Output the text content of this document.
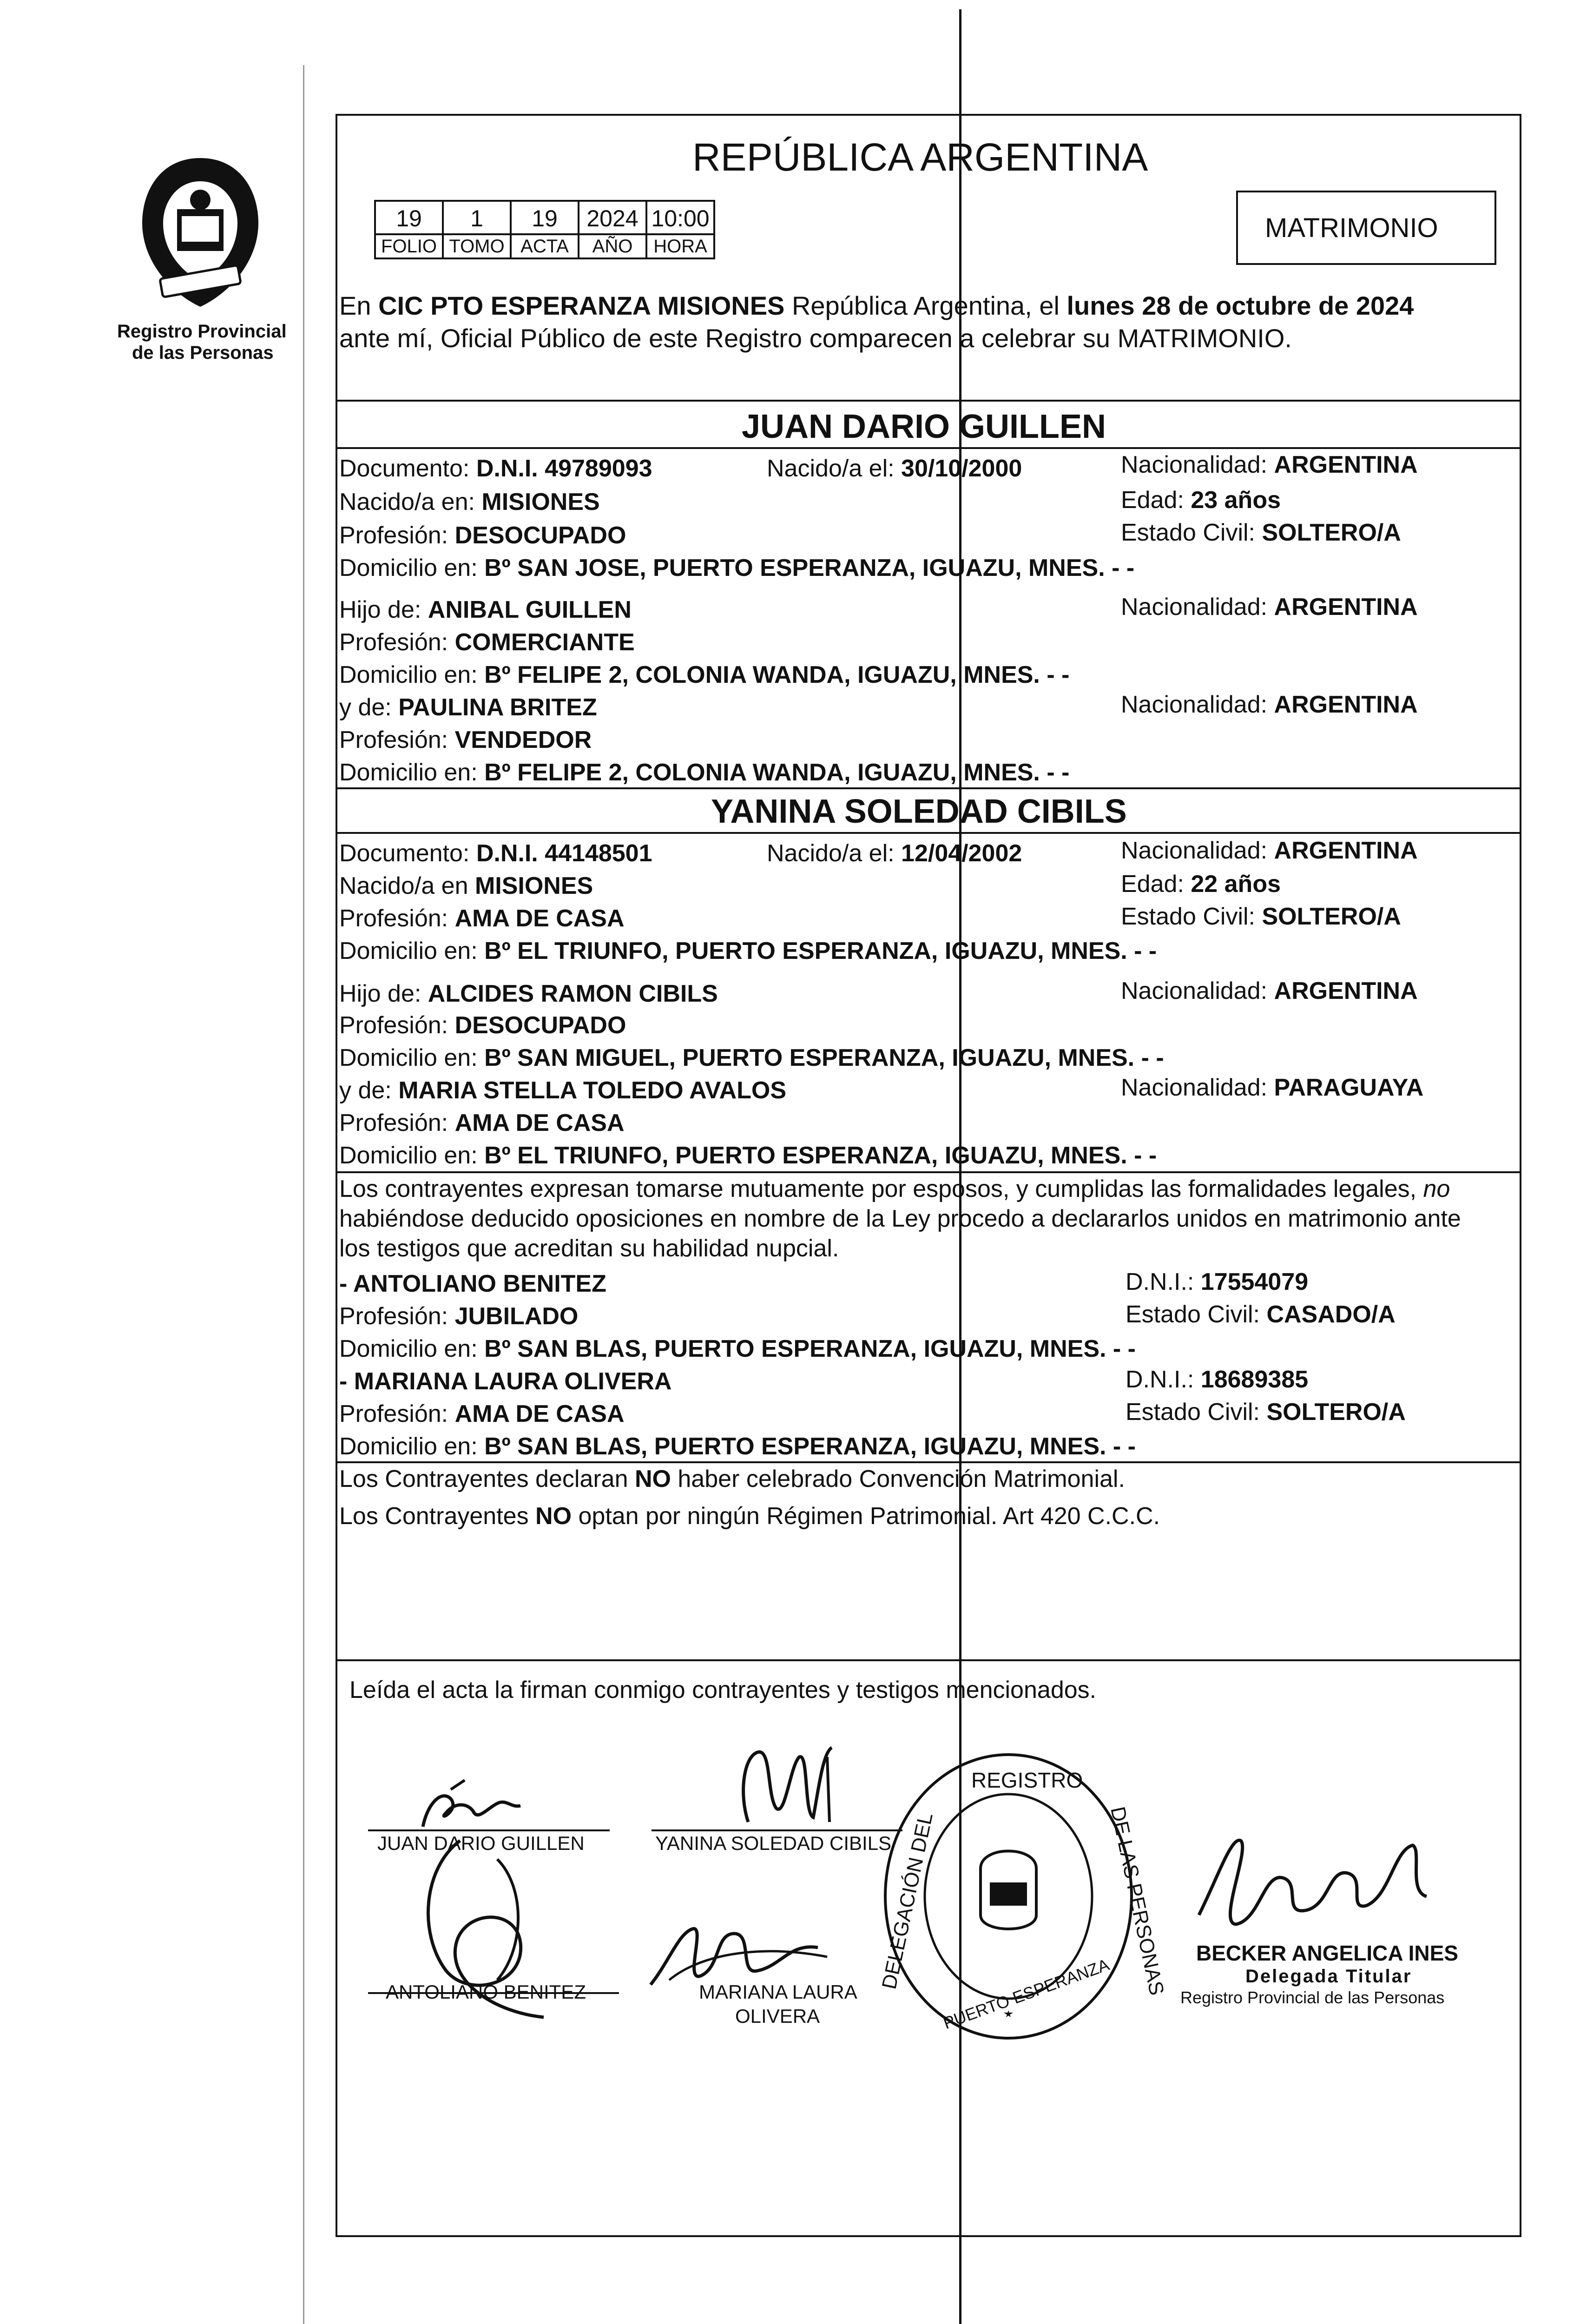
Registro Provincial
de las Personas
REPÚBLICA ARGENTINA
19	1	19	2024 10:00
FOLIO TOMO ACTA	AÑO	HORA
MATRIMONIO
En CIC PTO ESPERANZA MISIONES República Argentina, el lunes 28 de octubre de 2024
ante mí, Oficial Público de este Registro comparecen a celebrar su MATRIMONIO.
JUAN DARIO GUILLEN
Documento: D.N.I. 49789093	Nacido/a el: 30/10/2000	Nacionalidad: ARGENTINA
Nacido/a en: MISIONES	Edad: 23 años
Profesión: DESOCUPADO	Estado Civil: SOLTERO/A
Domicilio en: Bº SAN JOSE, PUERTO ESPERANZA, IGUAZU, MNES. - -
Hijo de: ANIBAL GUILLEN	Nacionalidad: ARGENTINA
Profesión: COMERCIANTE
Domicilio en: Bº FELIPE 2, COLONIA WANDA, IGUAZU, MNES. - -
y de: PAULINA BRITEZ	Nacionalidad: ARGENTINA
Profesión: VENDEDOR
Domicilio en: Bº FELIPE 2, COLONIA WANDA, IGUAZU, MNES. - -
YANINA SOLEDAD CIBILS
Documento: D.N.I. 44148501	Nacido/a el: 12/04/2002	Nacionalidad: ARGENTINA
Nacido/a en MISIONES	Edad: 22 años
Profesión: AMA DE CASA	Estado Civil: SOLTERO/A
Domicilio en: Bº EL TRIUNFO, PUERTO ESPERANZA, IGUAZU, MNES. - -
Hijo de: ALCIDES RAMON CIBILS	Nacionalidad: ARGENTINA
Profesión: DESOCUPADO
Domicilio en: Bº SAN MIGUEL, PUERTO ESPERANZA, IGUAZU, MNES. - -
y de: MARIA STELLA TOLEDO AVALOS	Nacionalidad: PARAGUAYA
Profesión: AMA DE CASA
Domicilio en: Bº EL TRIUNFO, PUERTO ESPERANZA, IGUAZU, MNES. - -
Los contrayentes expresan tomarse mutuamente por esposos, y cumplidas las formalidades legales, no
habiéndose deducido oposiciones en nombre de la Ley procedo a declararlos unidos en matrimonio ante
los testigos que acreditan su habilidad nupcial.
- ANTOLIANO BENITEZ	D.N.I.: 17554079
Profesión: JUBILADO	Estado Civil: CASADO/A
Domicilio en: Bº SAN BLAS, PUERTO ESPERANZA, IGUAZU, MNES. - -
- MARIANA LAURA OLIVERA	D.N.I.: 18689385
Profesión: AMA DE CASA	Estado Civil: SOLTERO/A
Domicilio en: Bº SAN BLAS, PUERTO ESPERANZA, IGUAZU, MNES. - -
Los Contrayentes declaran NO haber celebrado Convención Matrimonial.
Los Contrayentes NO optan por ningún Régimen Patrimonial. Art 420 C.C.C.
Leída el acta la firman conmigo contrayentes y testigos mencionados.
JUAN DARIO GUILLEN	YANINA SOLEDAD CIBILS
ANTOLIANO BENITEZ	MARIANA LAURA
OLIVERA
REGISTRO
DELEGACIÓN DEL	DE LAS PERSONAS
PUERTO ESPERANZA
BECKER ANGELICA INES
Delegada Titular
Registro Provincial de las Personas
